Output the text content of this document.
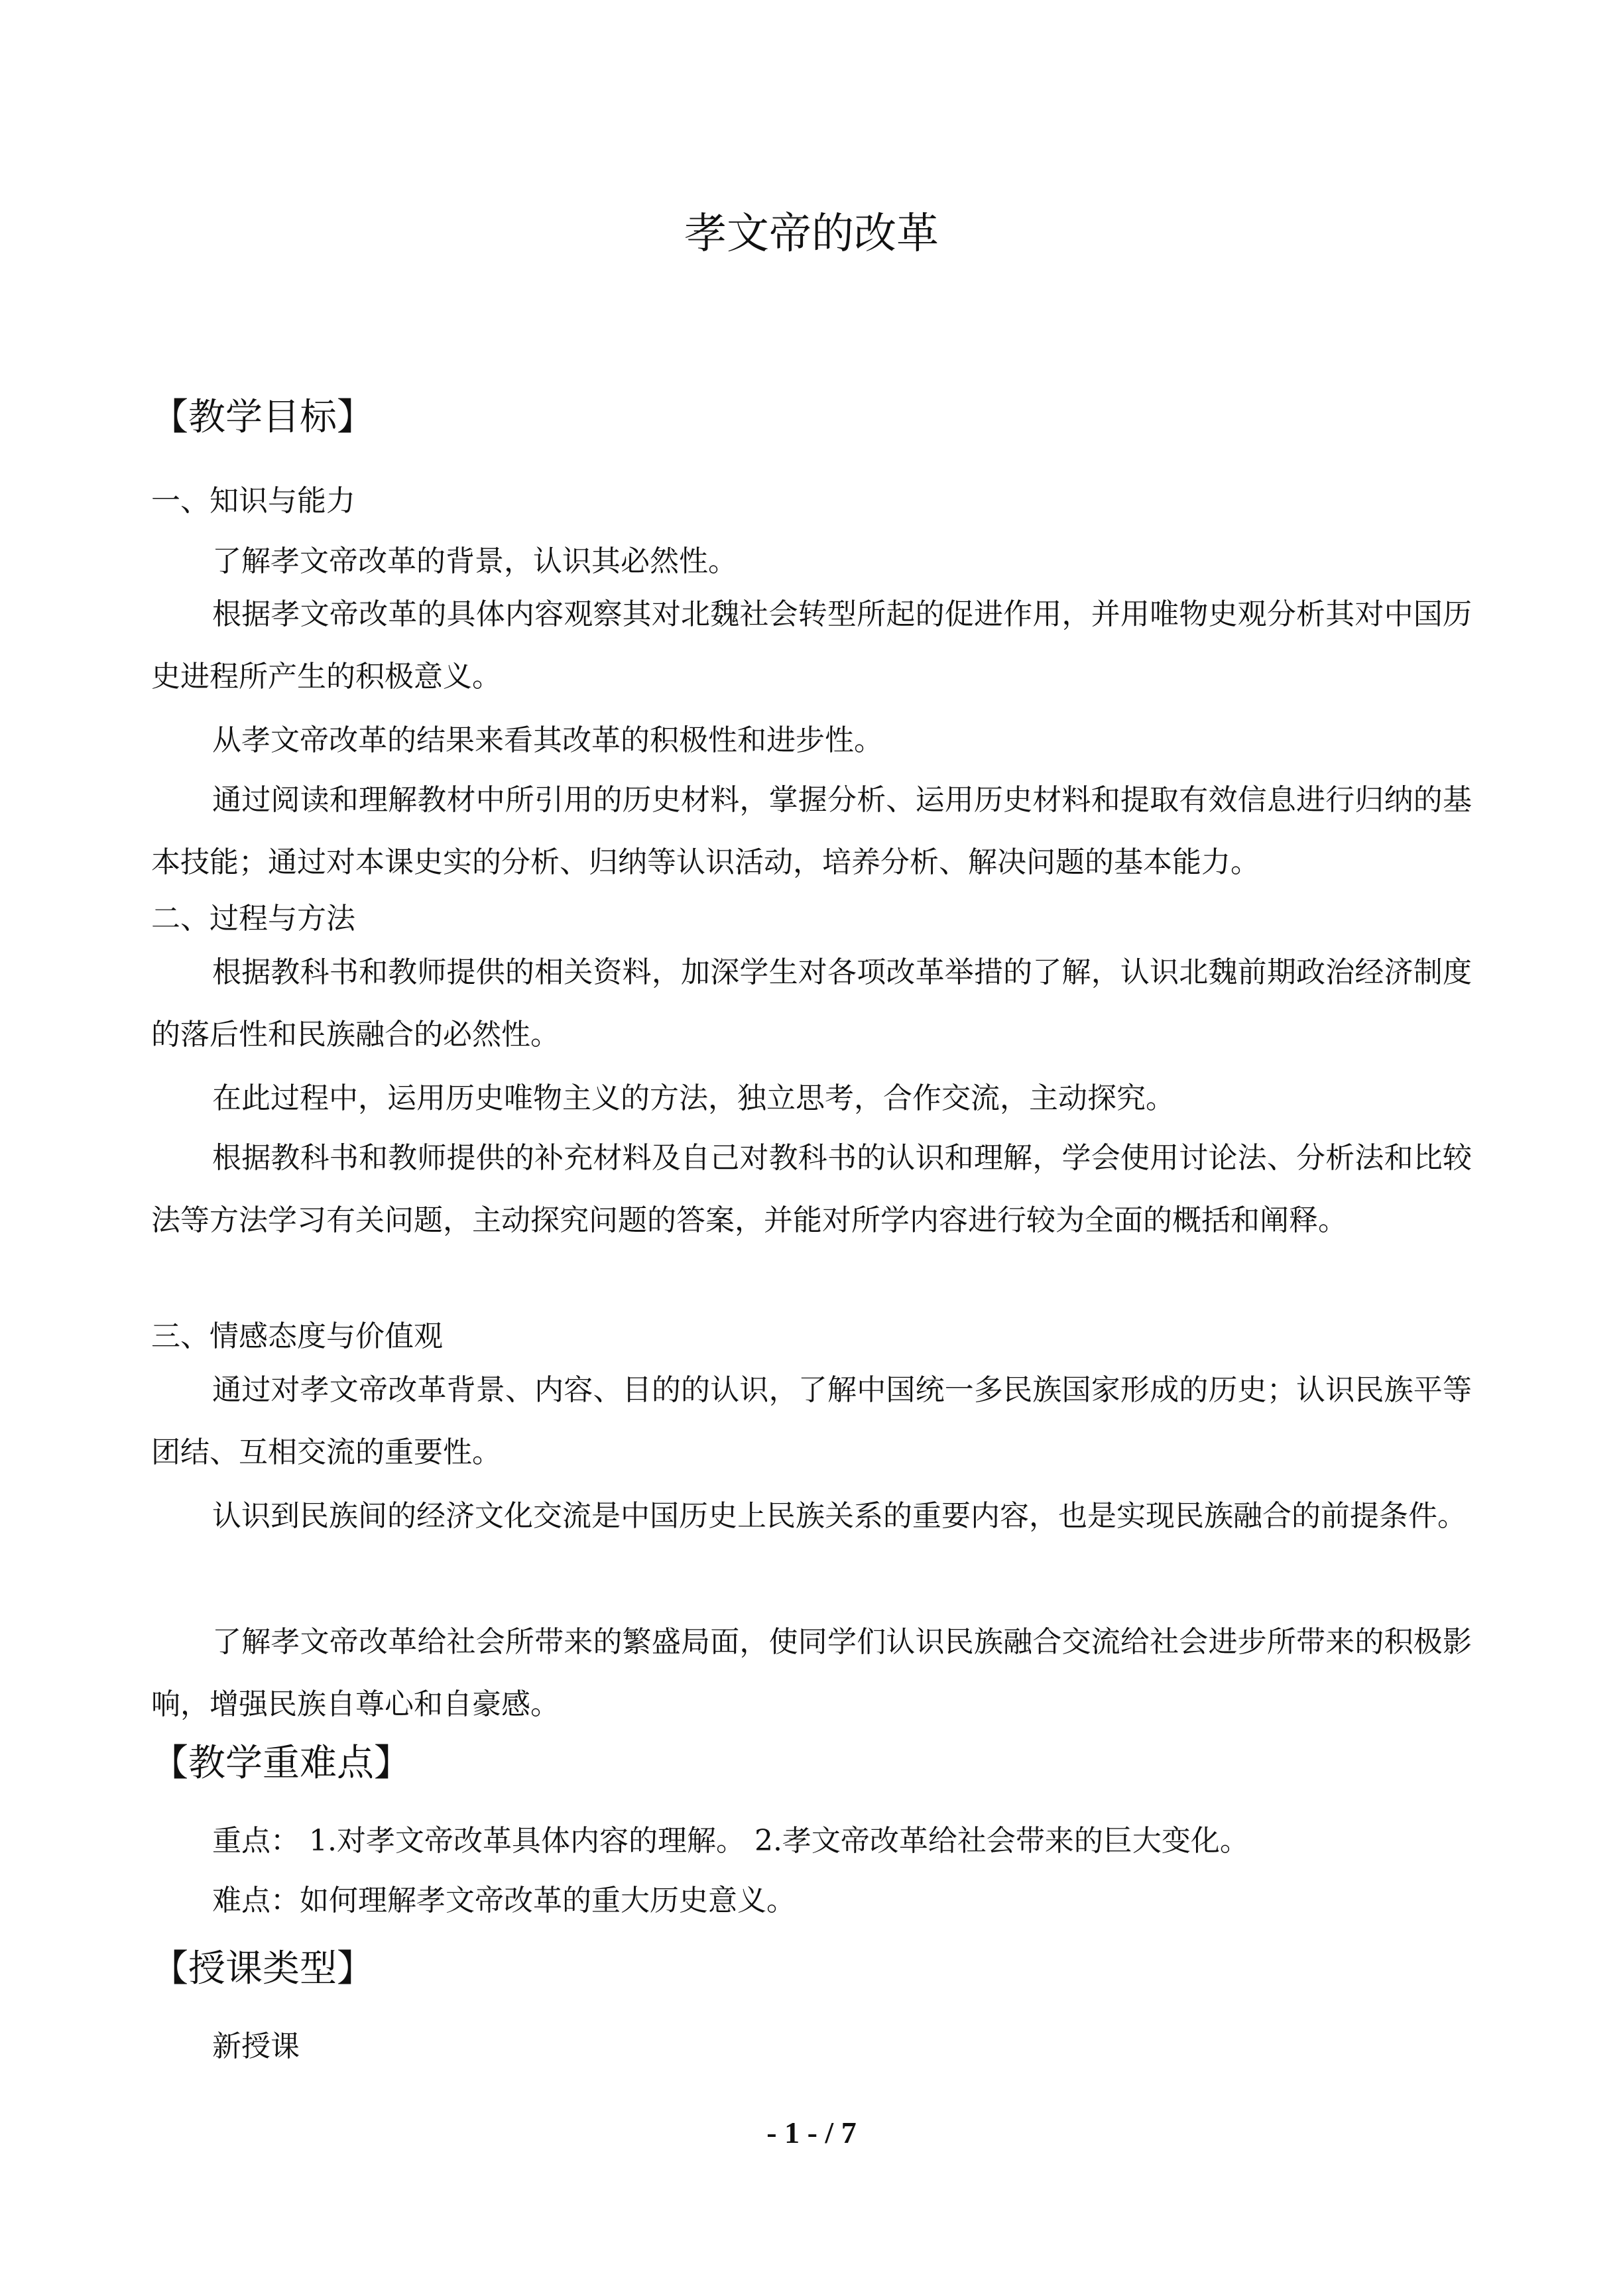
孝文帝的改革
【教学目标】
一、知识与能力

了解孝文帝改革的背景，认识其必然性。

根据孝文帝改革的具体内容观察其对北魏社会转型所起的促进作用，并用唯物史观分析其对中国历史进程所产生的积极意义。

从孝文帝改革的结果来看其改革的积极性和进步性。

通过阅读和理解教材中所引用的历史材料，掌握分析、运用历史材料和提取有效信息进行归纳的基本技能；通过对本课史实的分析、归纳等认识活动，培养分析、解决问题的基本能力。

二、过程与方法

根据教科书和教师提供的相关资料，加深学生对各项改革举措的了解，认识北魏前期政治经济制度的落后性和民族融合的必然性。

在此过程中，运用历史唯物主义的方法，独立思考，合作交流，主动探究。

根据教科书和教师提供的补充材料及自己对教科书的认识和理解，学会使用讨论法、分析法和比较法等方法学习有关问题，主动探究问题的答案，并能对所学内容进行较为全面的概括和阐释。

三、情感态度与价值观

通过对孝文帝改革背景、内容、目的的认识，了解中国统一多民族国家形成的历史；认识民族平等团结、互相交流的重要性。

认识到民族间的经济文化交流是中国历史上民族关系的重要内容，也是实现民族融合的前提条件。

了解孝文帝改革给社会所带来的繁盛局面，使同学们认识民族融合交流给社会进步所带来的积极影响，增强民族自尊心和自豪感。

【教学重难点】

重点： 1.对孝文帝改革具体内容的理解。 2.孝文帝改革给社会带来的巨大变化。

难点：如何理解孝文帝改革的重大历史意义。

【授课类型】

新授课

- 1 - / 7
